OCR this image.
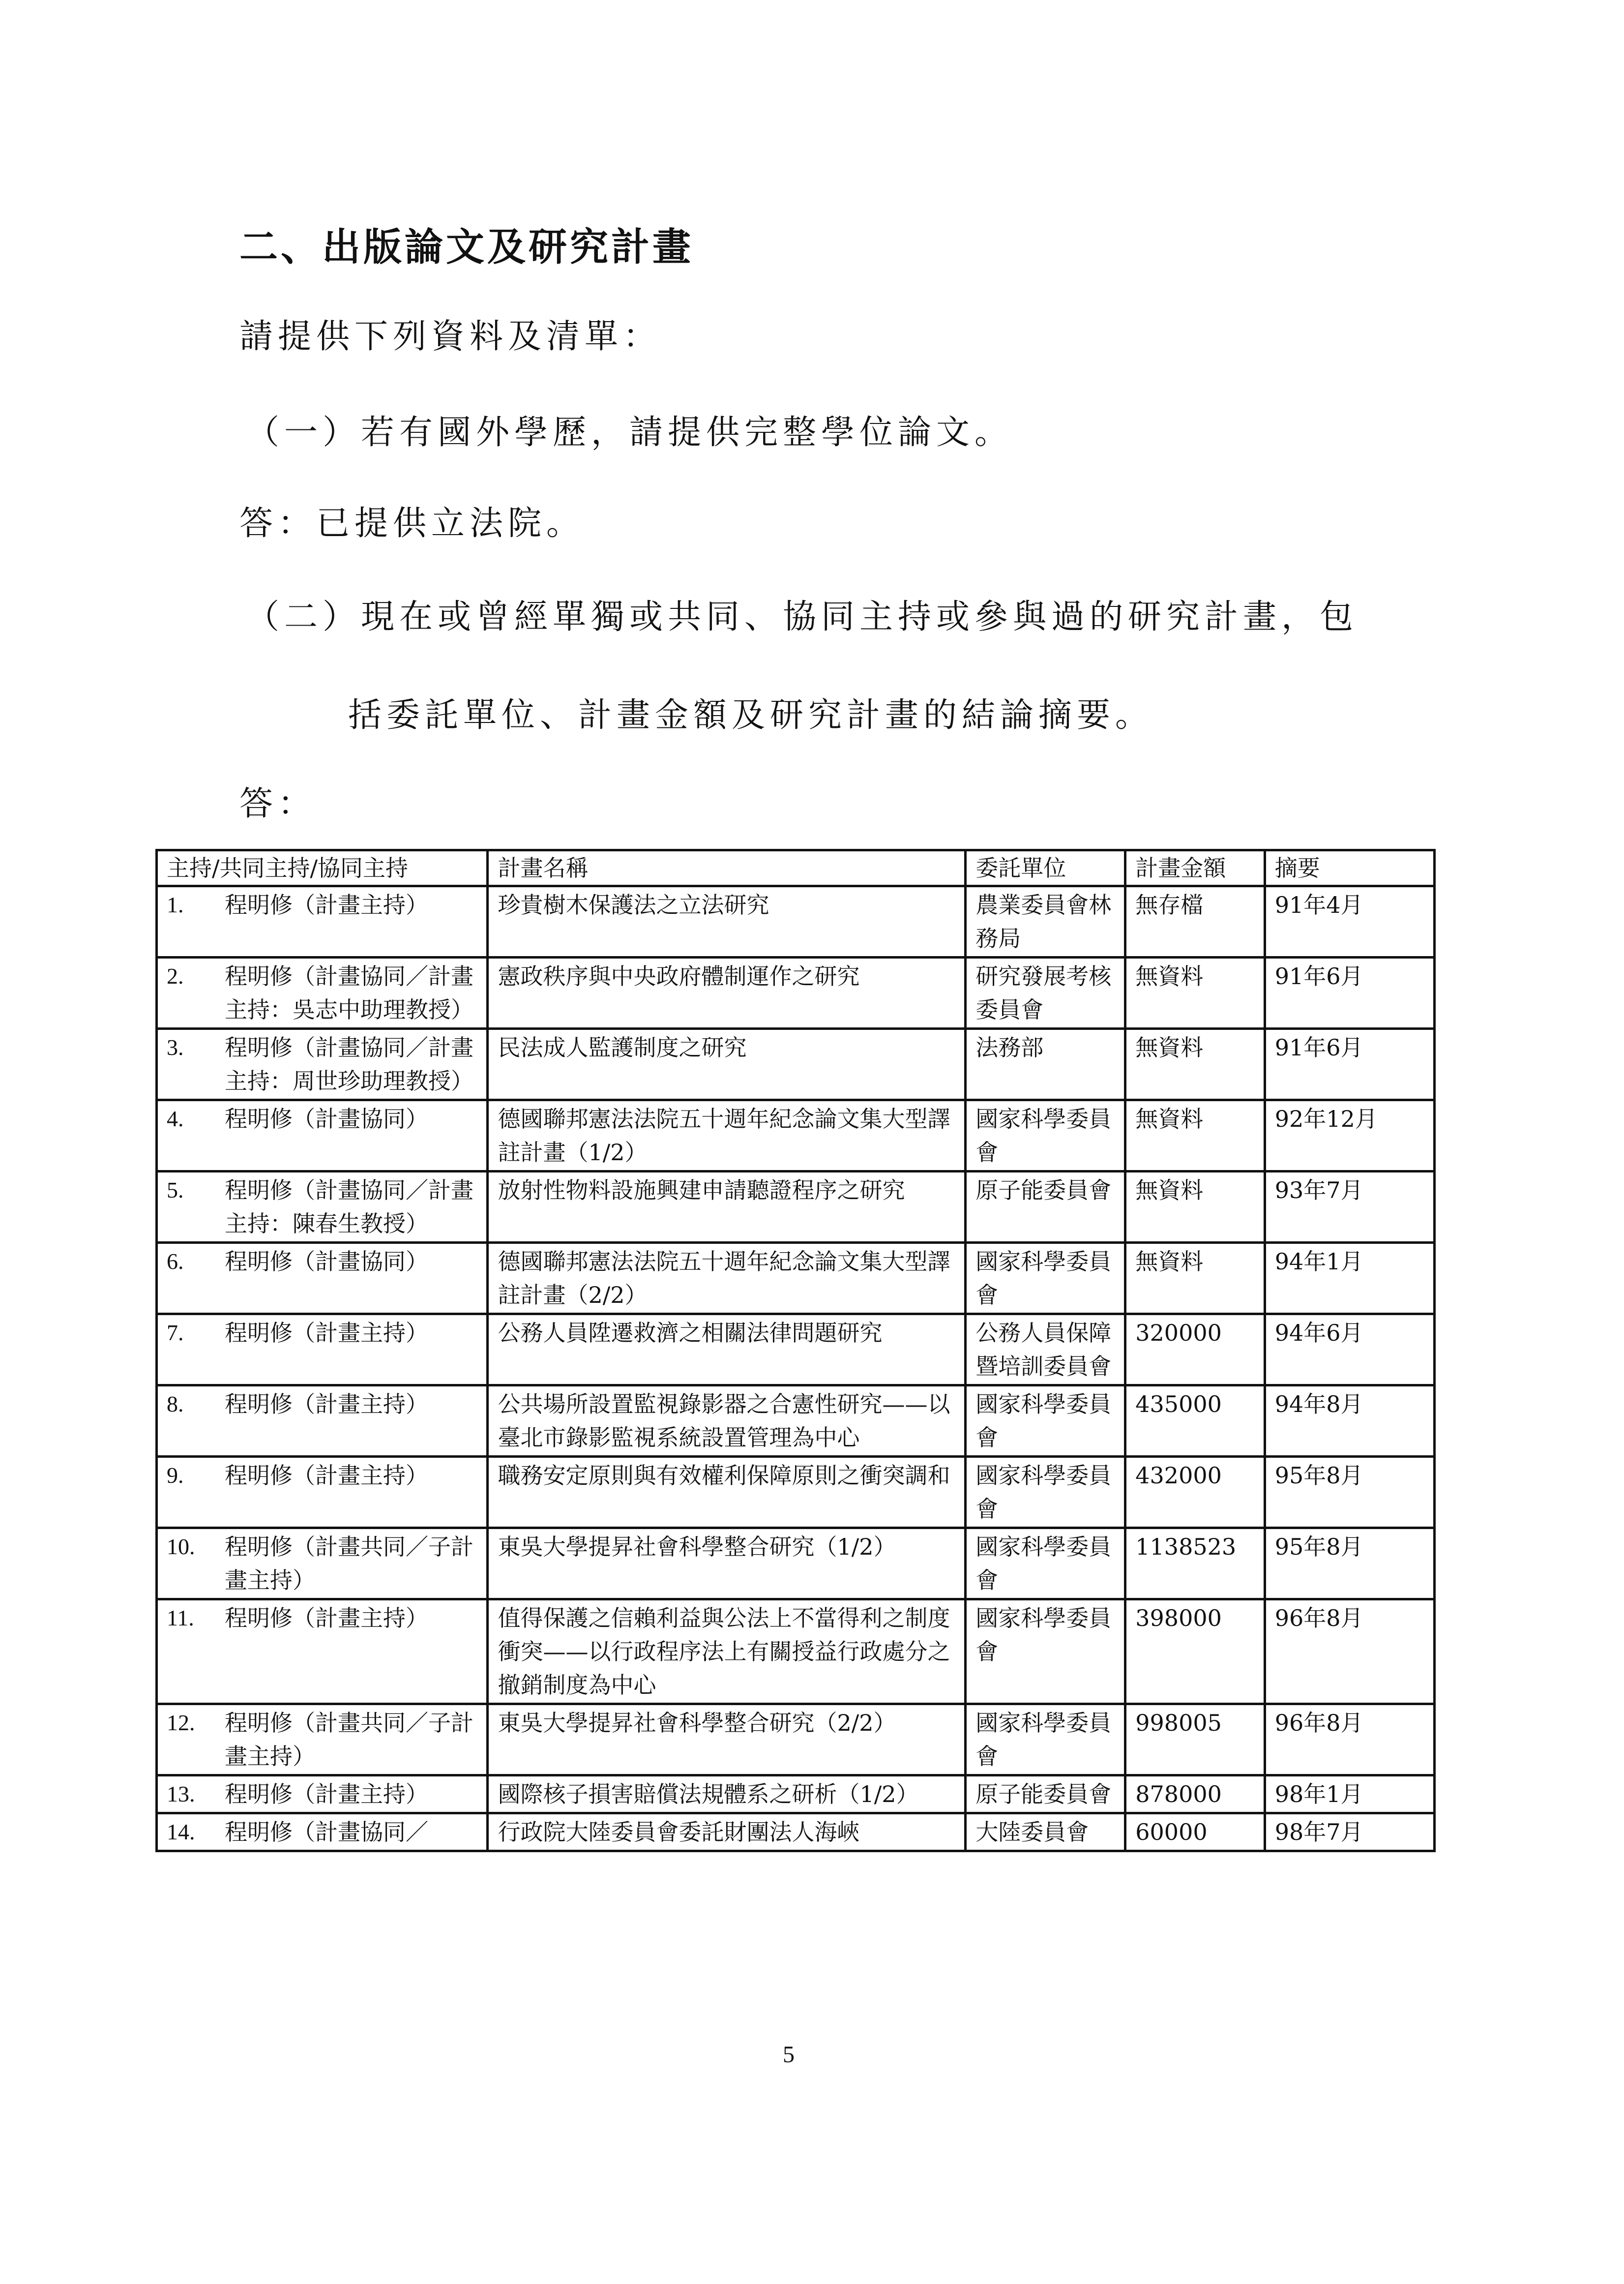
二、出版論文及研究計畫
請提供下列資料及清單：
（一）若有國外學歷，請提供完整學位論文。
答：已提供立法院。
（二）現在或曾經單獨或共同、協同主持或參與過的研究計畫，包
括委託單位、計畫金額及研究計畫的結論摘要。
答：
主持/共同主持/協同主持	計畫名稱	委託單位	計畫金額	摘要

1. 程明修（計畫主持）	珍貴樹木保護法之立法研究	農業委員會林務局	無存檔	91年4月

2. 程明修（計畫協同／計畫主持：吳志中助理教授）	憲政秩序與中央政府體制運作之研究	研究發展考核委員會	無資料	91年6月

3. 程明修（計畫協同／計畫主持：周世珍助理教授）	民法成人監護制度之研究	法務部	無資料	91年6月

4. 程明修（計畫協同）	德國聯邦憲法法院五十週年紀念論文集大型譯註計畫（1/2）	國家科學委員會	無資料	92年12月

5. 程明修（計畫協同／計畫主持：陳春生教授）	放射性物料設施興建申請聽證程序之研究	原子能委員會	無資料	93年7月

6. 程明修（計畫協同）	德國聯邦憲法法院五十週年紀念論文集大型譯註計畫（2/2）	國家科學委員會	無資料	94年1月

7. 程明修（計畫主持）	公務人員陞遷救濟之相關法律問題研究	公務人員保障暨培訓委員會	320000	94年6月

8. 程明修（計畫主持）	公共場所設置監視錄影器之合憲性研究——以臺北市錄影監視系統設置管理為中心	國家科學委員會	435000	94年8月

9. 程明修（計畫主持）	職務安定原則與有效權利保障原則之衝突調和	國家科學委員會	432000	95年8月

10. 程明修（計畫共同／子計畫主持）	東吳大學提昇社會科學整合研究（1/2）	國家科學委員會	1138523	95年8月

11. 程明修（計畫主持）	值得保護之信賴利益與公法上不當得利之制度衝突——以行政程序法上有關授益行政處分之撤銷制度為中心	國家科學委員會	398000	96年8月

12. 程明修（計畫共同／子計畫主持）	東吳大學提昇社會科學整合研究（2/2）	國家科學委員會	998005	96年8月

13. 程明修（計畫主持）	國際核子損害賠償法規體系之研析（1/2）	原子能委員會	878000	98年1月

14. 程明修（計畫協同／	行政院大陸委員會委託財團法人海峽	大陸委員會	60000	98年7月
5
